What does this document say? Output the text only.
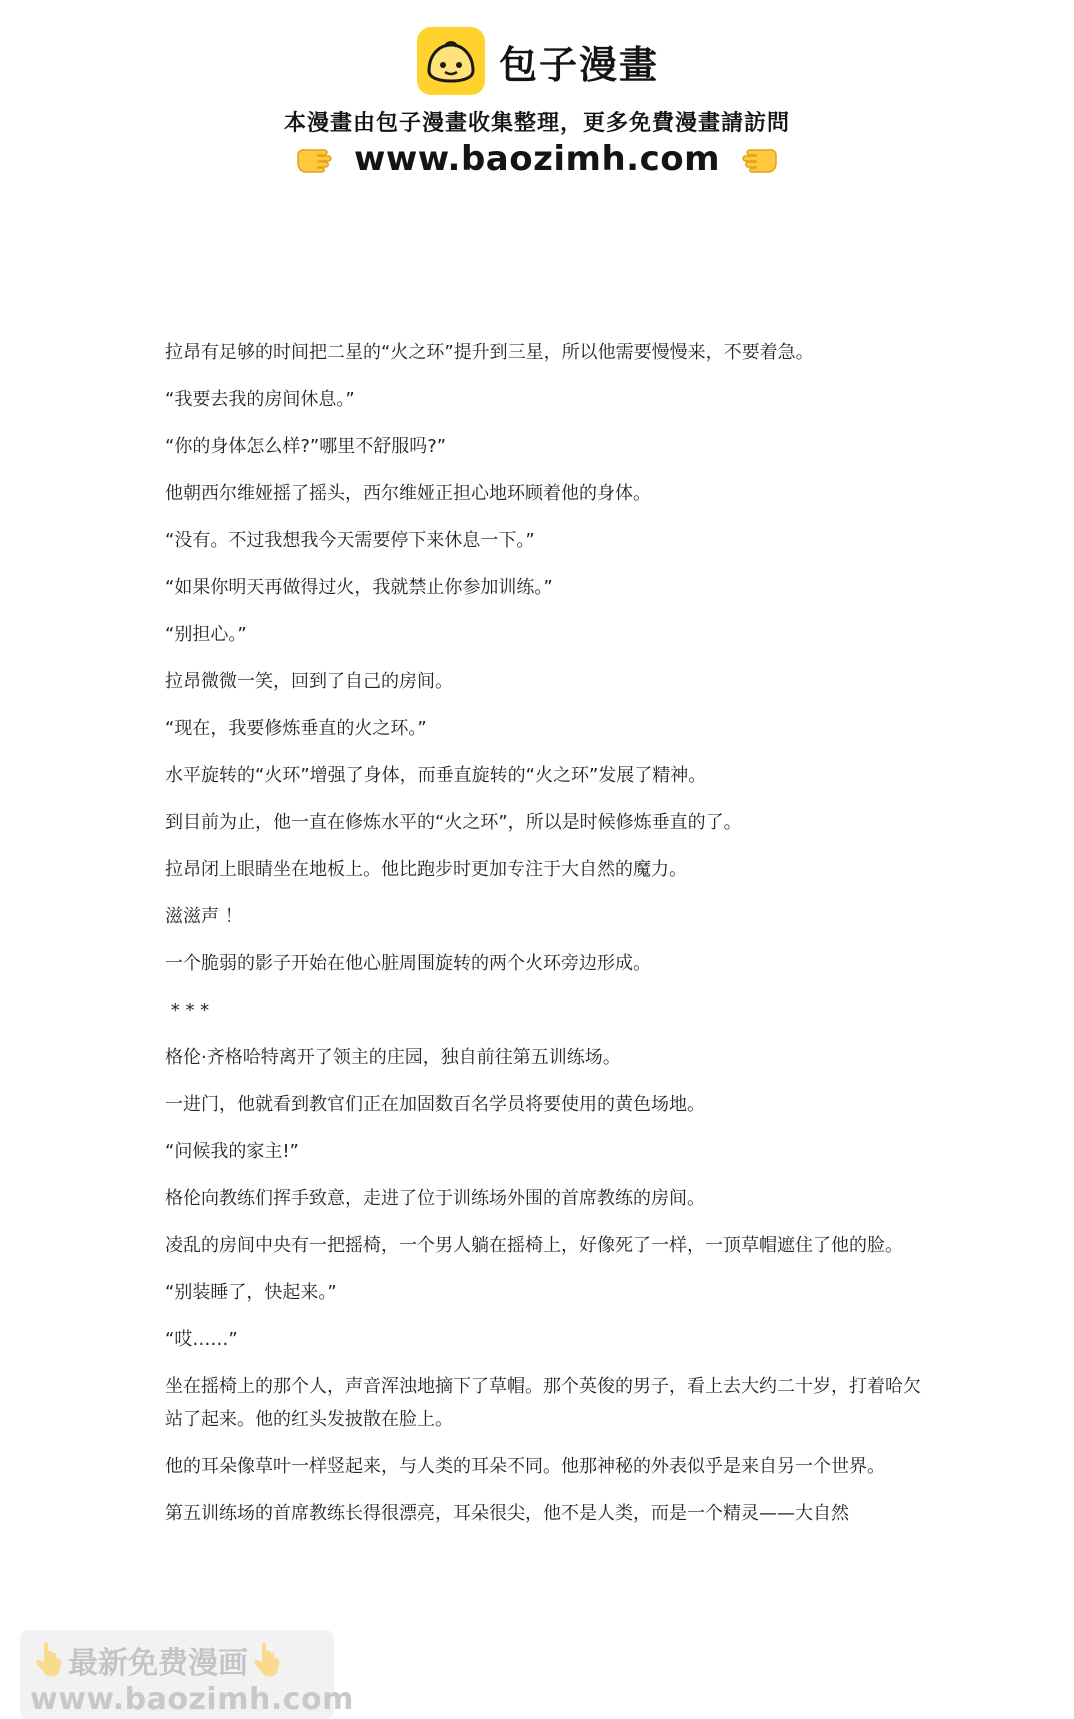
包子漫畫
本漫畫由包子漫畫收集整理，更多免費漫畫請訪問
www.baozimh.com

拉昂有足够的时间把二星的“火之环”提升到三星，所以他需要慢慢来，不要着急。

“我要去我的房间休息。”

“你的身体怎么样?”哪里不舒服吗?”

他朝西尔维娅摇了摇头，西尔维娅正担心地环顾着他的身体。

“没有。不过我想我今天需要停下来休息一下。”

“如果你明天再做得过火，我就禁止你参加训练。”

“别担心。”

拉昂微微一笑，回到了自己的房间。

“现在，我要修炼垂直的火之环。”

水平旋转的“火环”增强了身体，而垂直旋转的“火之环”发展了精神。

到目前为止，他一直在修炼水平的“火之环”，所以是时候修炼垂直的了。

拉昂闭上眼睛坐在地板上。他比跑步时更加专注于大自然的魔力。

滋滋声 ！

一个脆弱的影子开始在他心脏周围旋转的两个火环旁边形成。

* * *

格伦·齐格哈特离开了领主的庄园，独自前往第五训练场。

一进门，他就看到教官们正在加固数百名学员将要使用的黄色场地。

“问候我的家主!”

格伦向教练们挥手致意，走进了位于训练场外围的首席教练的房间。

凌乱的房间中央有一把摇椅，一个男人躺在摇椅上，好像死了一样，一顶草帽遮住了他的脸。

“别装睡了，快起来。”

“哎……”

坐在摇椅上的那个人，声音浑浊地摘下了草帽。那个英俊的男子，看上去大约二十岁，打着哈欠站了起来。他的红头发披散在脸上。

他的耳朵像草叶一样竖起来，与人类的耳朵不同。他那神秘的外表似乎是来自另一个世界。

第五训练场的首席教练长得很漂亮，耳朵很尖，他不是人类，而是一个精灵——大自然

最新免费漫画
www.baozimh.com
